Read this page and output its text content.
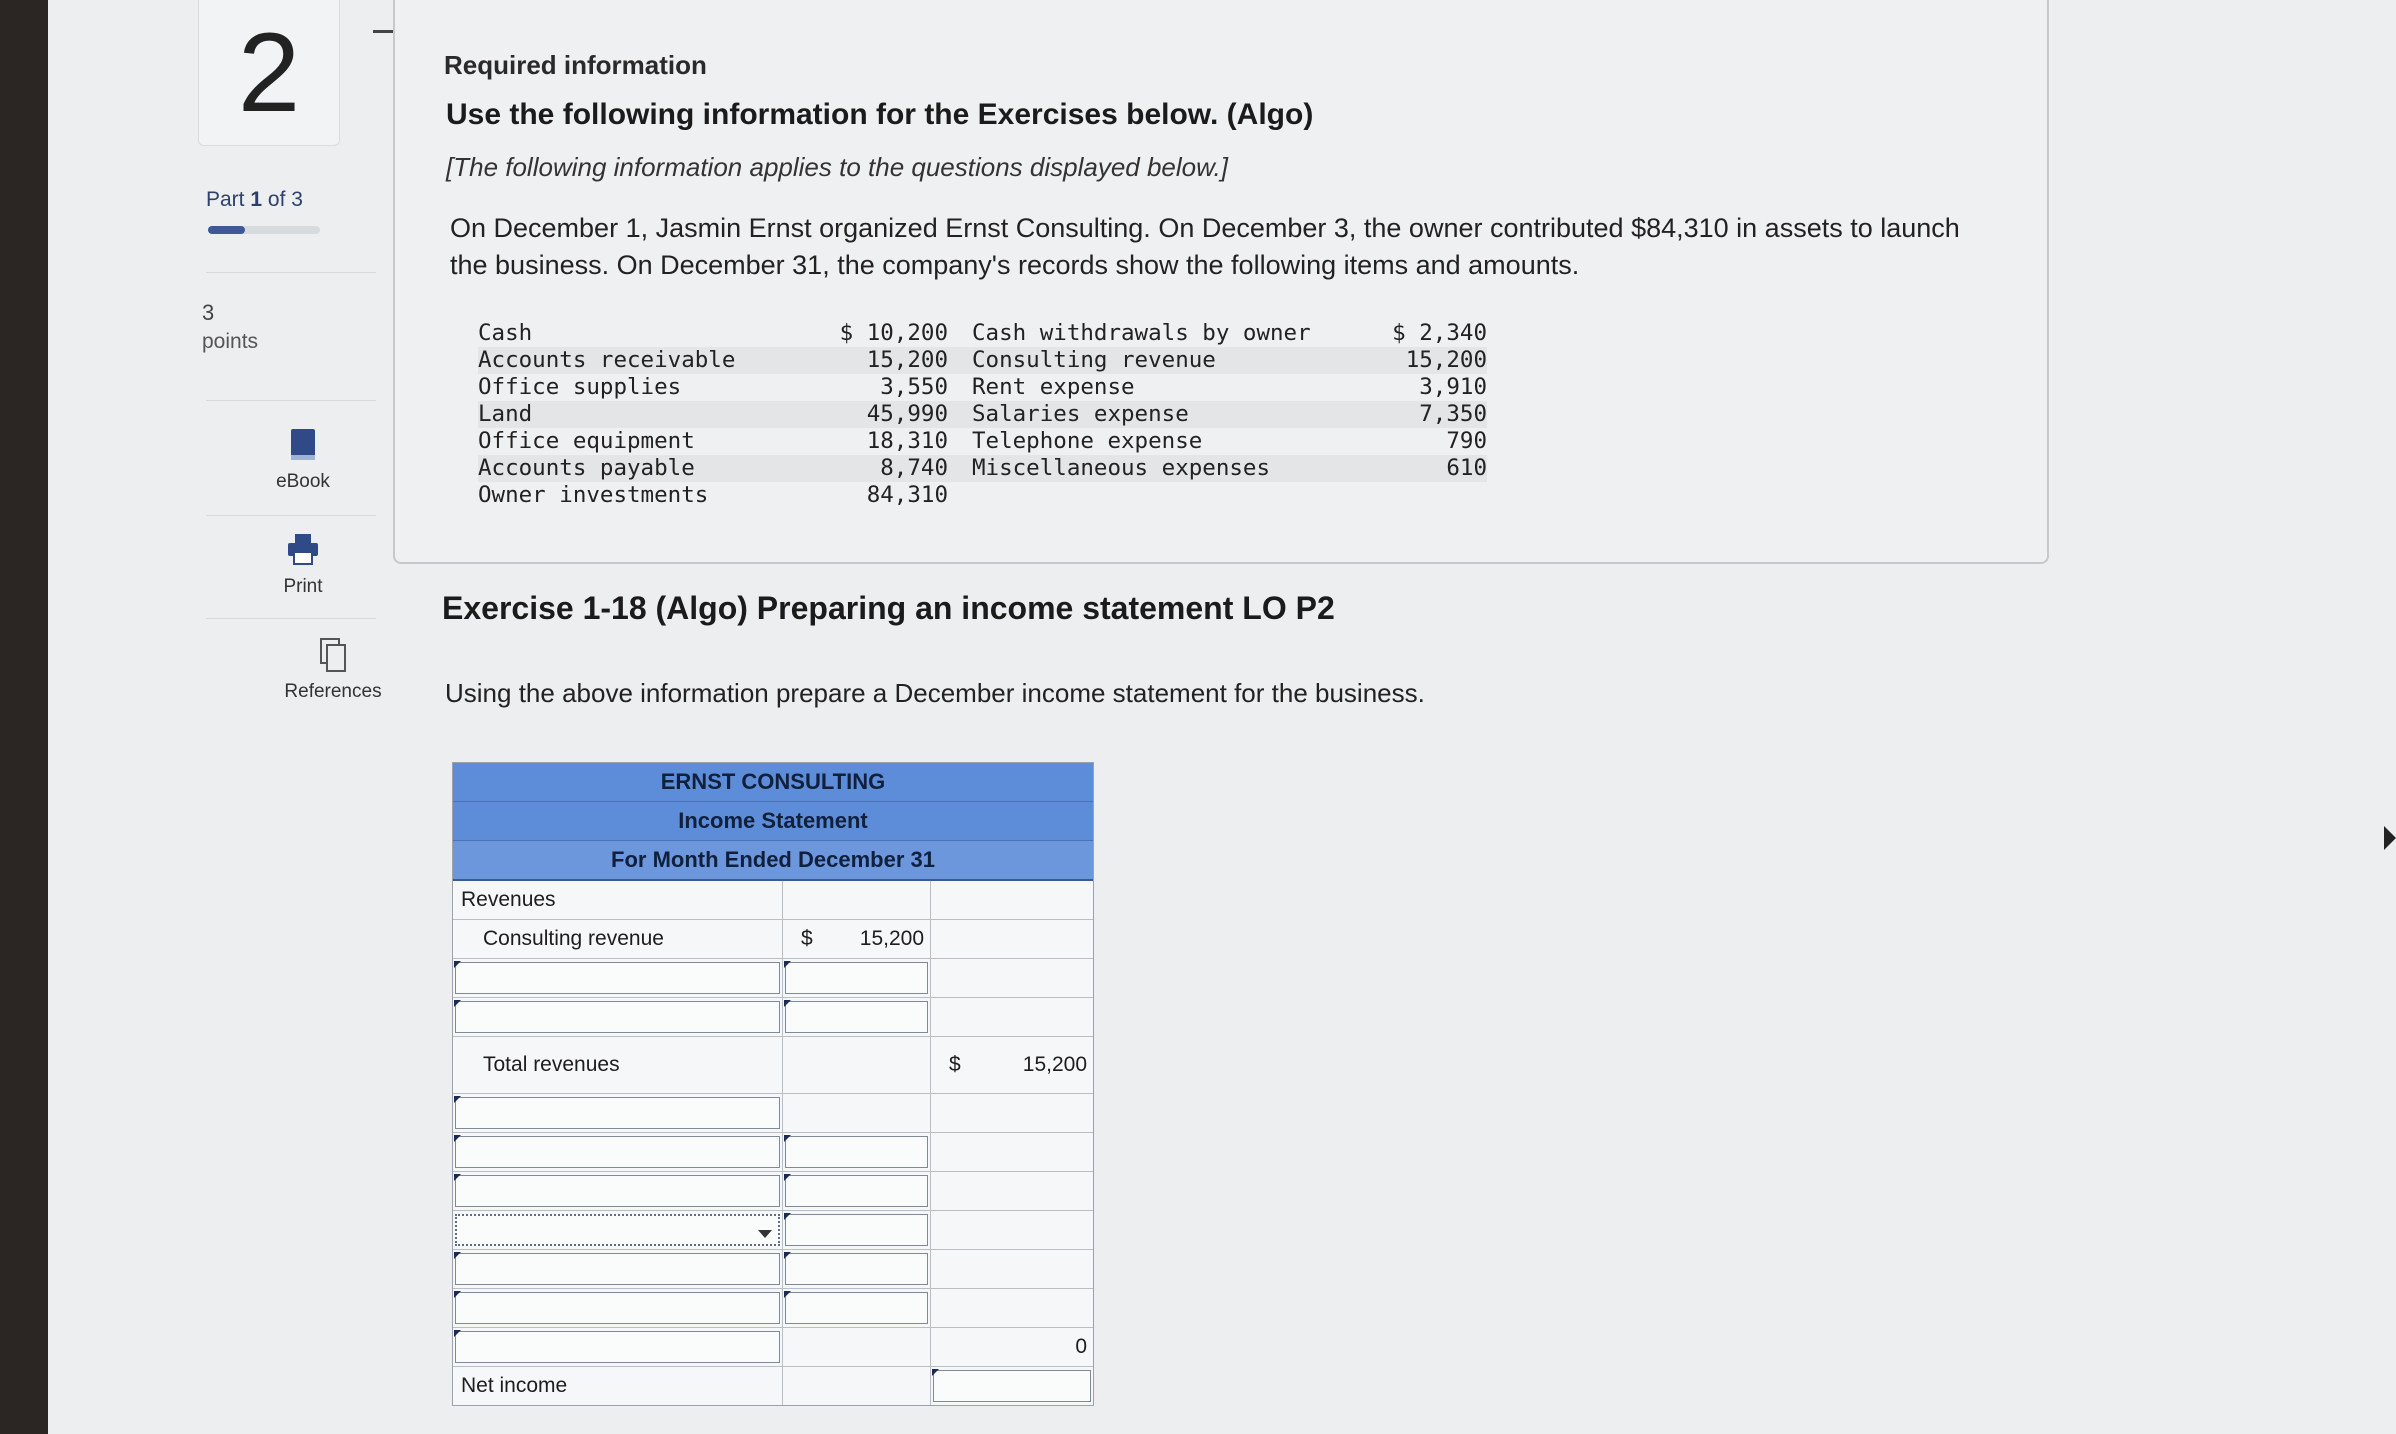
2
Part 1 of 3
3
points
eBook
Print
References
Required information
Use the following information for the Exercises below. (Algo)
[The following information applies to the questions displayed below.]
On December 1, Jasmin Ernst organized Ernst Consulting. On December 3, the owner contributed $84,310 in assets to launch the business. On December 31, the company's records show the following items and amounts.
Cash	$ 10,200	Cash withdrawals by owner	$ 2,340
Accounts receivable	15,200	Consulting revenue	15,200
Office supplies	3,550	Rent expense	3,910
Land	45,990	Salaries expense	7,350
Office equipment	18,310	Telephone expense	790
Accounts payable	8,740	Miscellaneous expenses	610
Owner investments	84,310		
Exercise 1-18 (Algo) Preparing an income statement LO P2
Using the above information prepare a December income statement for the business.
ERNST CONSULTING
Income Statement
For Month Ended December 31
Revenues
Consulting revenue	$ 15,200
Total revenues	$	15,200
0
Net income
